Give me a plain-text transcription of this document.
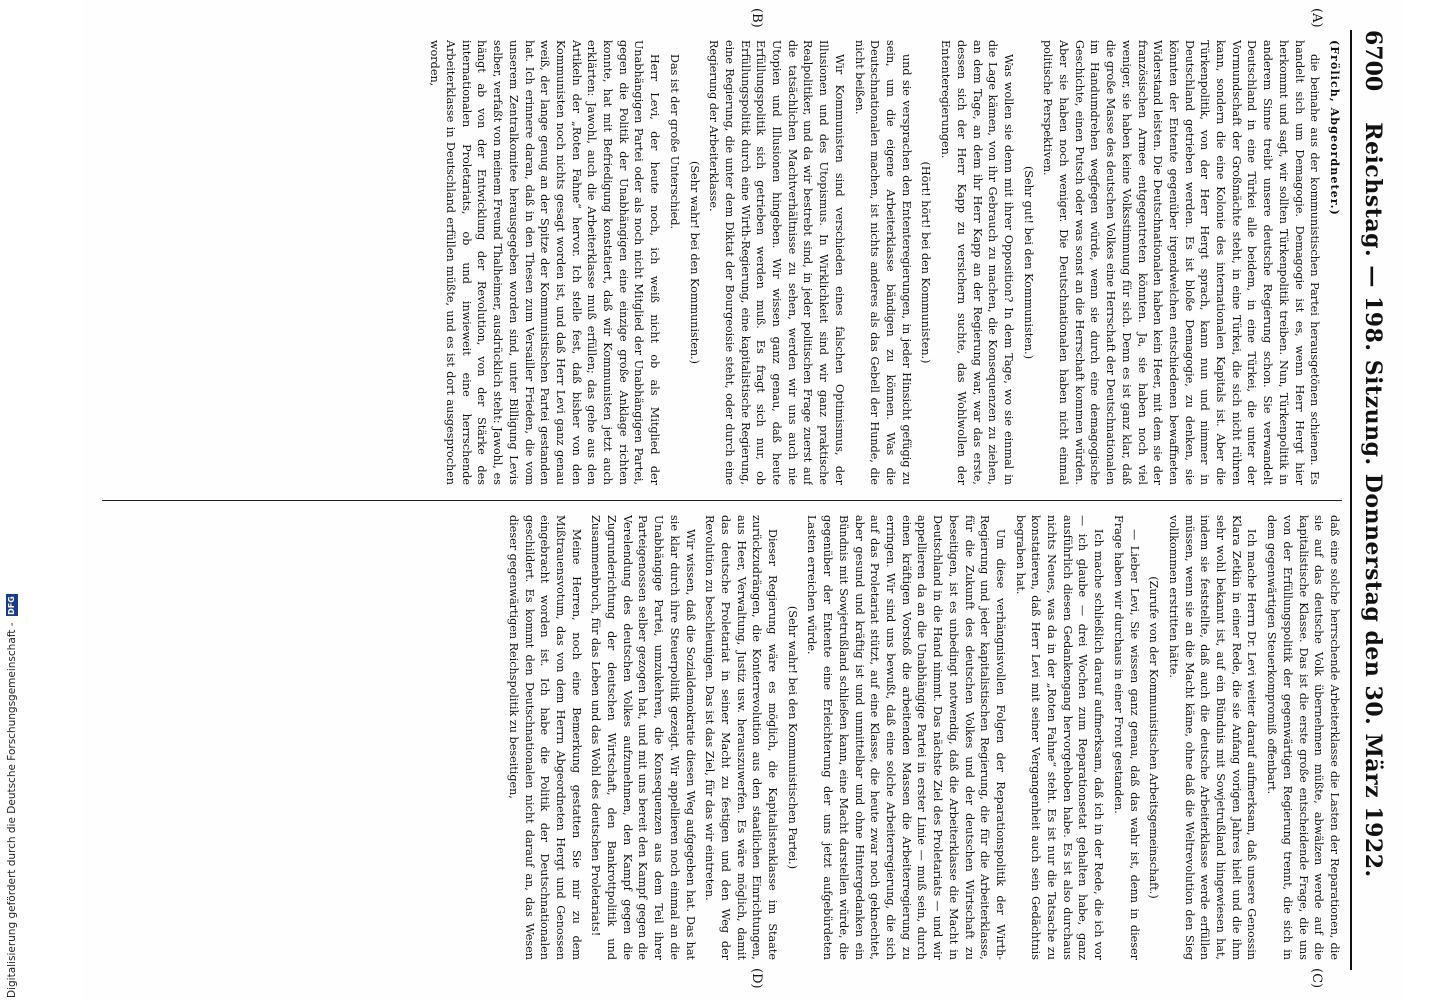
Digitalisierung gefördert durch die Deutsche Forschungsgemeinschaft -
DFG
6700
Reichstag. — 198. Sitzung. Donnerstag den 30. März 1922.
(A)
(B)
(C)
(D)

(Frölich, Abgeordneter.)

die beinahe aus der kommunistischen Partei herausgetönen schienen. Es handelt sich um Demagogie. Demagogie ist es, wenn Herr Hergt hier herkommt und sagt, wir sollten Türkenpolitik treiben. Nun, Türkenpolitik in anderem Sinne treibt unsere deutsche Regierung schon. Sie verwandelt Deutschland in eine Türkei alle beidem, in eine Türkei, die unter der Vormundschaft der Großmächte steht, in eine Türkei, die sich nicht rühren kann, sondern die eine Kolonie des internationalen Kapitals ist. Aber die Türkenpolitik, von der Herr Hergt sprach, kann nun und nimmer in Deutschland getrieben werden. Es ist bloße Demagogie, zu denken, sie könnten der Entente gegenüber irgendwelchen entschiedenen bewaffneten Widerstand leisten. Die Deutschnationalen haben kein Heer, mit dem sie der französischen Armee entgegentreten könnten. Ja, sie haben noch viel weniger, sie haben keine Volksstimmung für sich. Denn es ist ganz klar, daß die große Masse des deutschen Volkes eine Herrschaft der Deutschnationalen im Handumdrehen wegfegen würde, wenn sie durch eine demagogische Geschichte, einen Putsch oder was sonst an die Herrschaft kommen würden. Aber sie haben noch weniger. Die Deutschnationalen haben nicht einmal politische Perspektiven.

(Sehr gut! bei den Kommunisten.)

Was wollen sie denn mit ihrer Opposition? In dem Tage, wo sie einmal in die Lage kämen, von ihr Gebrauch zu machen, die Konsequenzen zu ziehen, an dem Tage, an dem ihr Herr Kapp an der Regierung war, war das erste, dessen sich der Herr Kapp zu versichern suchte, das Wohlwollen der Ententeregierungen.

(Hört! hört! bei den Kommunisten.)

und sie versprachen den Ententeregierungen, in jeder Hinsicht gefügig zu sein, um die eigene Arbeiterklasse bändigen zu können. Was die Deutschnationalen machen, ist nichts anderes als das Gebell der Hunde, die nicht beißen.

Wir Kommunisten sind verschieden eines falschen Optimismus, der Illusionen und des Utopismus. In Wirklichkeit sind wir ganz praktische Realpolitiker, und da wir bestrebt sind, in jeder politischen Frage zuerst auf die tatsächlichen Machtverhältnisse zu sehen, werden wir uns auch nie Utopien und Illusionen hingeben. Wir wissen ganz genau, daß heute Erfüllungspolitik sich getrieben werden muß. Es fragt sich nur, ob Erfüllungspolitik durch eine Wirth-Regierung, eine kapitalistische Regierung, eine Regierung, die unter dem Diktat der Bourgeoisie steht, oder durch eine Regierung der Arbeiterklasse.

(Sehr wahr! bei den Kommunisten.)

Das ist der große Unterschied.

Herr Levi, der heute noch, ich weiß nicht ob als Mitglied der Unabhängigen Partei oder als noch nicht Mitglied der Unabhängigen Partei, gegen die Politik der Unabhängigen eine einzige große Anklage richten konnte, hat mit Befriedigung konstatiert, daß wir Kommunisten jetzt auch erklärten: Jawohl, auch die Arbeiterklasse muß erfüllen; das gehe aus den Artikeln der „Roten Fahne“ hervor. Ich stelle fest, daß bisher von den Kommunisten noch nichts gesagt worden ist, und daß Herr Levi ganz genau weiß, der lange genug an der Spitze der Kommunistischen Partei gestanden hat. Ich erinnere daran, daß in den Thesen zum Versailler Frieden, die vom unserem Zentralkomitee herausgegeben worden sind, unter Billigung Levis selber, verfaßt von meinem Freund Thalheimer, ausdrücklich steht: Jawohl, es hängt ab von der Entwicklung der Revolution, von der Stärke des internationalen Proletariats, ob und inwieweit eine herrschende Arbeiterklasse in Deutschland erfüllen müßte, und es ist dort ausgesprochen worden,

daß eine solche herrschende Arbeiterklasse die Lasten der Reparationen, die sie auf das deutsche Volk übernehmen müßte, abwälzen werde auf die kapitalistische Klasse. Das ist die erste große entscheidende Frage, die uns von der Erfüllungspolitik der gegenwärtigen Regierung trennt, die sich in dem gegenwärtigen Steuerkompromiß offenbart.

Ich mache Herrn Dr. Levi weiter darauf aufmerksam, daß unsere Genossin Klara Zetkin in einer Rede, die sie Anfang vorigen Jahres hielt und die ihm sehr wohl bekannt ist, auf ein Bündnis mit Sowjetrußland hingewiesen hat, indem sie feststellte, daß auch die deutsche Arbeiterklasse werde erfüllen müssen, wenn sie an die Macht käme, ohne daß die Weltrevolution den Sieg vollkommen erstritten hätte.

(Zurufe von der Kommunistischen Arbeitsgemeinschaft.)

— Lieber Levi, Sie wissen ganz genau, daß das wahr ist, denn in dieser Frage haben wir durchaus in einer Front gestanden.

Ich mache schließlich darauf aufmerksam, daß ich in der Rede, die ich vor — ich glaube — drei Wochen zum Reparationsetat gehalten habe, ganz ausführlich diesen Gedankengang hervorgehoben habe. Es ist also durchaus nichts Neues, was da in der „Roten Fahne“ steht. Es ist nur die Tatsache zu konstatieren, daß Herr Levi mit seiner Vergangenheit auch sein Gedächtnis begraben hat.

Um diese verhängnisvollen Folgen der Reparationspolitik der Wirth-Regierung und jeder kapitalistischen Regierung, die für die Arbeiterklasse, für die Zukunft des deutschen Volkes und der deutschen Wirtschaft zu beseitigen, ist es unbedingt notwendig, daß die Arbeiterklasse die Macht in Deutschland in die Hand nimmt. Das nächste Ziel des Proletariats — und wir appellieren da an die Unabhängige Partei in erster Linie — muß sein, durch einen kräftigen Vorstoß die arbeitenden Massen die Arbeiterregierung zu erringen. Wir sind uns bewußt, daß eine solche Arbeiterregierung, die sich auf das Proletariat stützt, auf eine Klasse, die heute zwar noch geknechtet, aber gesund und kräftig ist und unmittelbar und ohne Hintergedanken ein Bündnis mit Sowjetrußland schließen kann, eine Macht darstellen würde, die gegenüber der Entente eine Erleichterung der uns jetzt aufgebürdeten Lasten erreichen würde.

(Sehr wahr! bei den Kommunistischen Partei.)

Dieser Regierung wäre es möglich, die Kapitalistenklasse im Staate zurückzudrängen, die Konterrevolution aus den staatlichen Einrichtungen, aus Heer, Verwaltung, Justiz usw. herauszuwerfen. Es wäre möglich, damit das deutsche Proletariat in seiner Macht zu festigen und den Weg der Revolution zu beschleunigen. Das ist das Ziel, für das wir eintreten.

Wir wissen, daß die Sozialdemokratie diesen Weg aufgegeben hat. Das hat sie klar durch ihre Steuerpolitik gezeigt. Wir appellieren noch einmal an die Unabhängige Partei, umzukehren, die Konsequenzen aus dem Teil ihrer Parteigenossen selber gezogen hat, und mit uns bereit den Kampf gegen die Verelendung des deutschen Volkes aufzunehmen, den Kampf gegen die Zugrunderichtung der deutschen Wirtschaft, den Bankrottpolitik und Zusammenbruch, für das Leben und das Wohl des deutschen Proletariats!

Meine Herren, noch eine Bemerkung gestatten Sie mir zu dem Mißtrauensvotum, das von dem Herrn Abgeordneten Hergt und Genossen eingebracht worden ist. Ich habe die Politik der Deutschnationalen geschildert. Es kommt den Deutschnationalen nicht darauf an, das Wesen dieser gegenwärtigen Reichspolitik zu beseitigen,
